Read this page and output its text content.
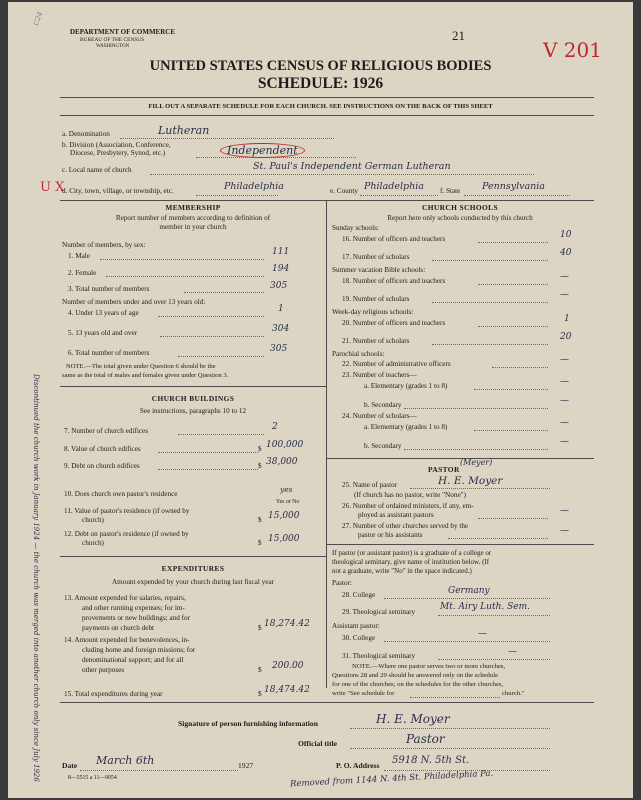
DEPARTMENT OF COMMERCE
BUREAU OF THE CENSUS
WASHINGTON
C24
21
V 201
UNITED STATES CENSUS OF RELIGIOUS BODIES
SCHEDULE: 1926
FILL OUT A SEPARATE SCHEDULE FOR EACH CHURCH. SEE INSTRUCTIONS ON THE BACK OF THIS SHEET
a. Denomination	Lutheran
b. Division (Association, Conference,
Diocese, Presbytery, Synod, etc.)	Independent
c. Local name of church	St. Paul's Independent German Lutheran
U X
d. City, town, village, or township, etc.	Philadelphia	e. County Philadelphia f. State Pennsylvania
MEMBERSHIP
Report number of members according to definition of
member in your church
Number of members, by sex:
1. Male	111
2. Female	194
3. Total number of members	305
Number of members under and over 13 years old:
4. Under 13 years of age	1
5. 13 years old and over	304
6. Total number of members	305
NOTE.—The total given under Question 6 should be the
same as the total of males and females given under Question 3.
CHURCH BUILDINGS
See instructions, paragraphs 10 to 12
7. Number of church edifices	2
8. Value of church edifices	$ 100,000
9. Debt on church edifices	$ 38,000
10. Does church own pastor's residence	yes
Yes or No
11. Value of pastor's residence (if owned by
church)	$ 15,000
12. Debt on pastor's residence (if owned by
church)	$ 15,000
EXPENDITURES
Amount expended by your church during last fiscal year
13. Amount expended for salaries, repairs,
and other running expenses; for im-
provements or new buildings; and for
payments on church debt	$ 18,274.42
14. Amount expended for benevolences, in-
cluding home and foreign missions; for
denominational support; and for all
other purposes	$ 200.00
15. Total expenditures during year	$ 18,474.42
CHURCH SCHOOLS
Report here only schools conducted by this church
Sunday schools:
16. Number of officers and teachers	10
17. Number of scholars	40
Summer vacation Bible schools:
18. Number of officers and teachers	—
19. Number of scholars	—
Week-day religious schools:
20. Number of officers and teachers	1
21. Number of scholars	20
Parochial schools:
22. Number of administrative officers	—
23. Number of teachers—
a. Elementary (grades 1 to 8)	—
b. Secondary	—
24. Number of scholars—
a. Elementary (grades 1 to 8)	—
b. Secondary	—
PASTOR
(Meyer)
25. Name of pastor	H. E. Moyer
(If church has no pastor, write "None")
26. Number of ordained ministers, if any, em-
ployed as assistant pastors	—
27. Number of other churches served by the
pastor or his assistants	—
If pastor (or assistant pastor) is a graduate of a college or
theological seminary, give name of institution below. (If
not a graduate, write "No" in the space indicated.)
Pastor:
28. College	Germany
29. Theological seminary	Mt. Airy Luth. Sem.
Assistant pastor:
30. College	—
31. Theological seminary	—
NOTE.—Where one pastor serves two or more churches,
Questions 28 and 29 should be answered only on the schedule
for one of the churches; on the schedules for the other churches,
write "See schedule for	church."
Signature of person furnishing information	H. E. Moyer
Official title	Pastor
Date March 6th	1927	P. O. Address 5918 N. 5th St.
8—5515 a 11—9054	Removed from 1144 N. 4th St. Philadelphia Pa.
Discontinued the church work in January 1924 — the church was merged into another church only since July 1926
